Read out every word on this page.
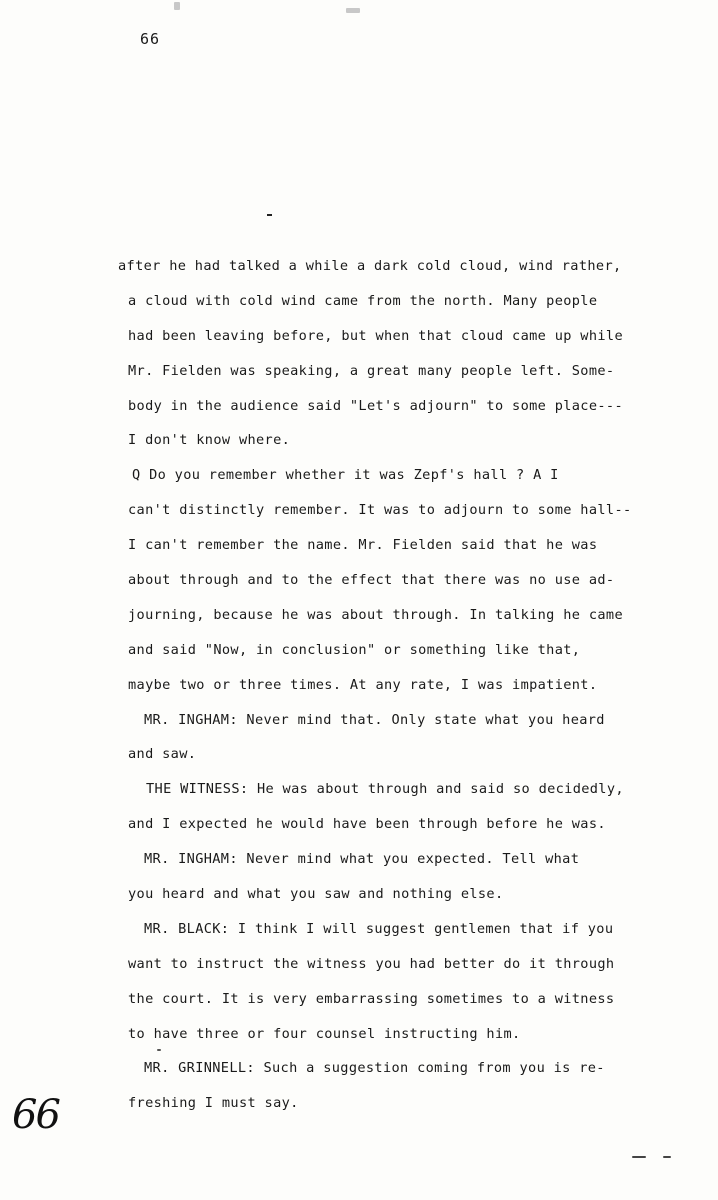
66
after he had talked a while a dark cold cloud, wind rather,
a cloud with cold wind came from the north. Many people
had been leaving before, but when that cloud came up while
Mr. Fielden was speaking, a great many people left. Some-
body in the audience said "Let's adjourn" to some place---
I don't know where.
Q Do you remember whether it was Zepf's hall ? A I
can't distinctly remember. It was to adjourn to some hall--
I can't remember the name. Mr. Fielden said that he was
about through and to the effect that there was no use ad-
journing, because he was about through. In talking he came
and said "Now, in conclusion" or something like that,
maybe two or three times. At any rate, I was impatient.
MR. INGHAM: Never mind that. Only state what you heard
and saw.
THE WITNESS: He was about through and said so decidedly,
and I expected he would have been through before he was.
MR. INGHAM: Never mind what you expected. Tell what
you heard and what you saw and nothing else.
MR. BLACK: I think I will suggest gentlemen that if you
want to instruct the witness you had better do it through
the court. It is very embarrassing sometimes to a witness
to have three or four counsel instructing him.
MR. GRINNELL: Such a suggestion coming from you is re-
freshing I must say.
66
